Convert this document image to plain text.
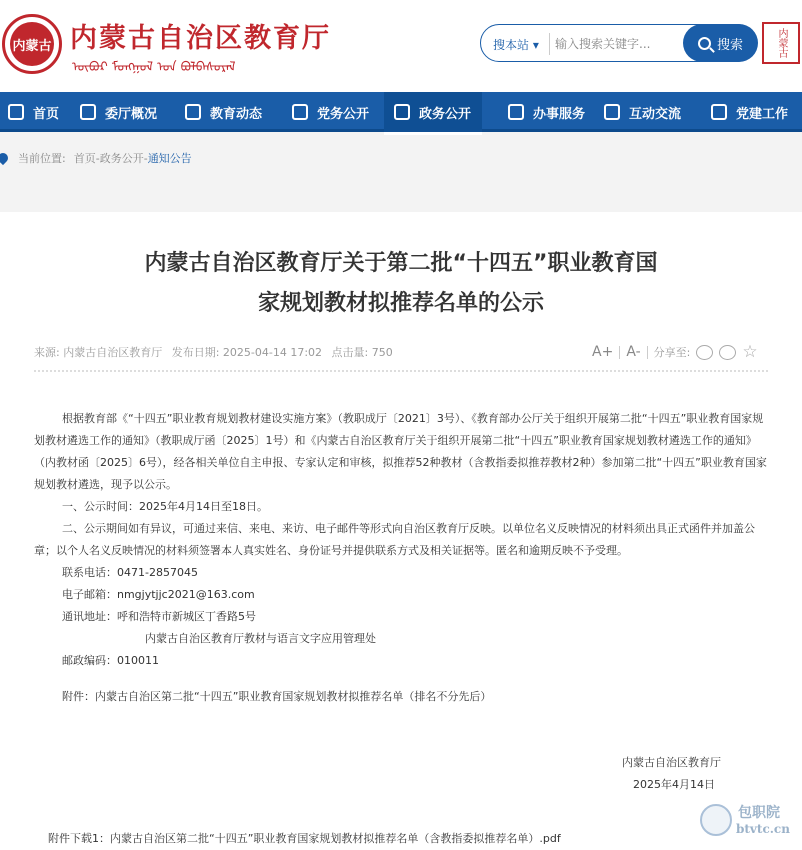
内蒙古 内蒙古自治区教育厅
ᠥᠪᠦᠷ ᠮᠣᠩᠭᠣᠯ ᠤᠨ ᠪᠣᠯᠪᠠᠰᠤᠷᠠᠯ
搜本站 ▾
输入搜索关键字...	搜索	内蒙古
首页	委厅概况	教育动态	党务公开	政务公开	办事服务	互动交流	党建工作
当前位置: 首页 - 政务公开 - 通知公告
内蒙古自治区教育厅关于第二批“十四五”职业教育国
家规划教材拟推荐名单的公示
来源: 内蒙古自治区教育厅 发布日期: 2025-04-14 17:02 点击量: 750	A+ A- 分享至:	☆

根据教育部《“十四五”职业教育规划教材建设实施方案》（教职成厅〔2021〕3号）、《教育部办公厅关于组织开展第二批“十四五”职业教育国家规划教材遴选工作的通知》（教职成厅函〔2025〕1号）和《内蒙古自治区教育厅关于组织开展第二批“十四五”职业教育国家规划教材遴选工作的通知》（内教材函〔2025〕6号），经各相关单位自主申报、专家认定和审核，拟推荐52种教材（含教指委拟推荐教材2种）参加第二批“十四五”职业教育国家规划教材遴选，现予以公示。

一、公示时间：2025年4月14日至18日。

二、公示期间如有异议，可通过来信、来电、来访、电子邮件等形式向自治区教育厅反映。以单位名义反映情况的材料须出具正式函件并加盖公章；以个人名义反映情况的材料须签署本人真实姓名、身份证号并提供联系方式及相关证据等。匿名和逾期反映不予受理。

联系电话：0471-2857045
电子邮箱：nmgjytjjc2021@163.com
通讯地址：呼和浩特市新城区丁香路5号
内蒙古自治区教育厅教材与语言文字应用管理处
邮政编码：010011
附件：内蒙古自治区第二批“十四五”职业教育国家规划教材拟推荐名单（排名不分先后）
内蒙古自治区教育厅
2025年4月14日
附件下载1：内蒙古自治区第二批“十四五”职业教育国家规划教材拟推荐名单（含教指委拟推荐名单）.pdf
包职院
btvtc.cn
